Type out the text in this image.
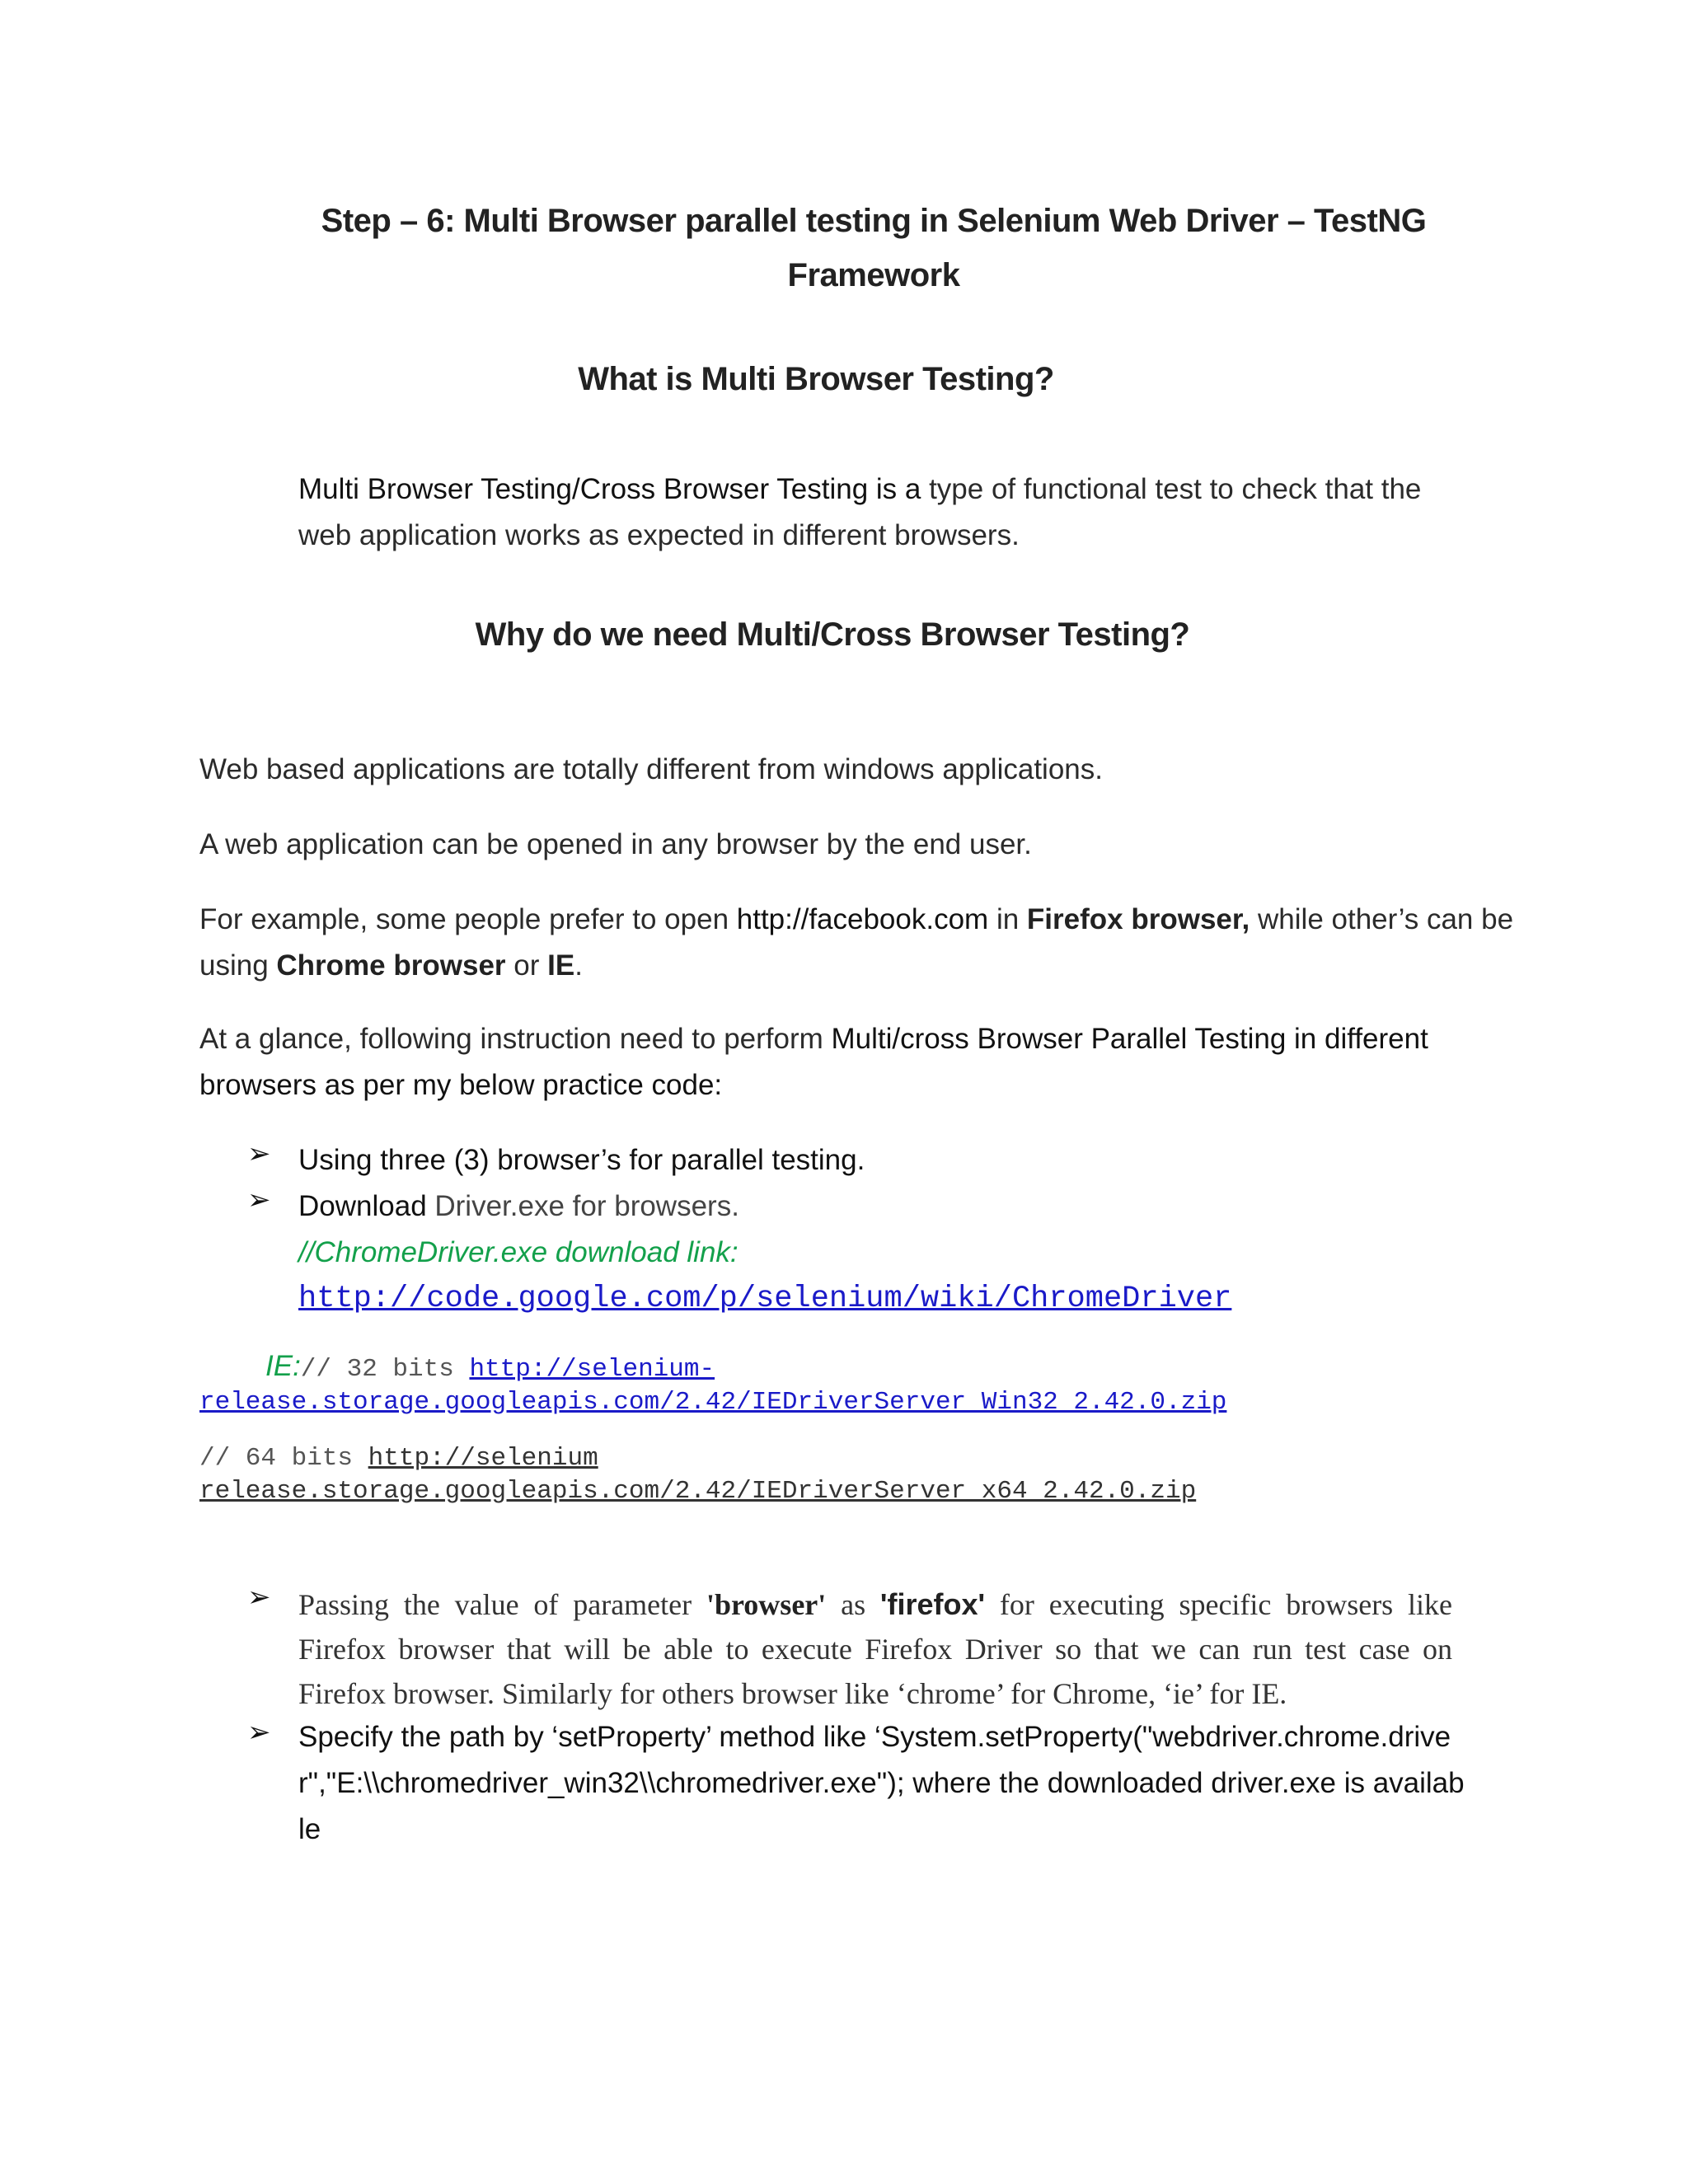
Step – 6: Multi Browser parallel testing in Selenium Web Driver – TestNG
Framework
What is Multi Browser Testing?
Multi Browser Testing/Cross Browser Testing is a type of functional test to check that the web application works as expected in different browsers.
Why do we need Multi/Cross Browser Testing?
Web based applications are totally different from windows applications.
A web application can be opened in any browser by the end user.
For example, some people prefer to open http://facebook.com in Firefox browser, while other’s can be using Chrome browser or IE.
At a glance, following instruction need to perform Multi/cross Browser Parallel Testing in different browsers as per my below practice code:
➢ Using three (3) browser’s for parallel testing.
➢ Download Driver.exe for browsers.
//ChromeDriver.exe download link:
http://code.google.com/p/selenium/wiki/ChromeDriver
IE:// 32 bits http://selenium-
release.storage.googleapis.com/2.42/IEDriverServer_Win32_2.42.0.zip
// 64 bits http://selenium
release.storage.googleapis.com/2.42/IEDriverServer_x64_2.42.0.zip
➢ Passing the value of parameter 'browser' as 'firefox' for executing specific browsers like Firefox browser that will be able to execute Firefox Driver so that we can run test case on Firefox browser. Similarly for others browser like ‘chrome’ for Chrome, ‘ie’ for IE.
➢ Specify the path by ‘setProperty’ method like ‘System.setProperty("webdriver.chrome.driver","E:\\chromedriver_win32\\chromedriver.exe"); where the downloaded driver.exe is available
